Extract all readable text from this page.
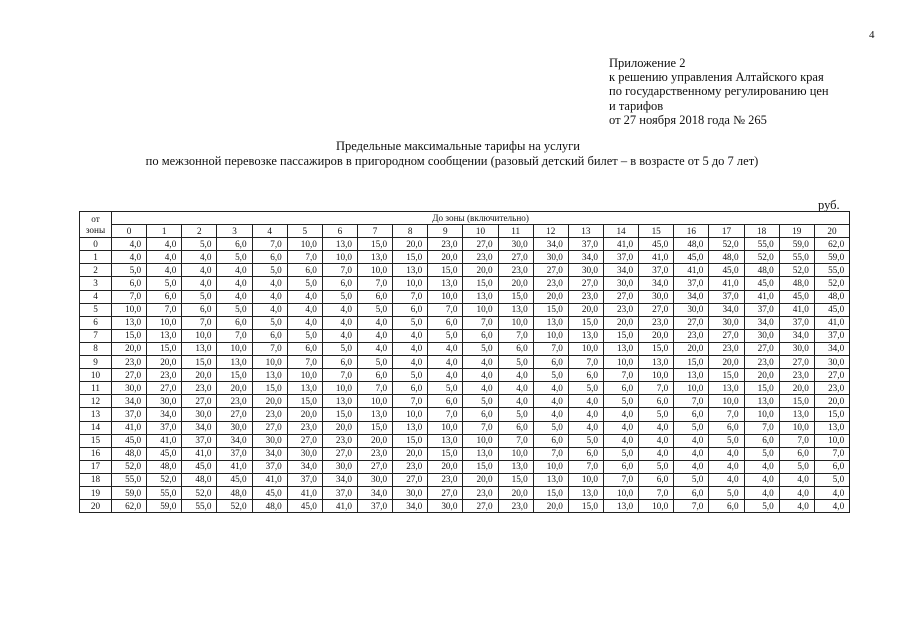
4
Приложение 2
к решению управления Алтайского края
по государственному регулированию цен
и тарифов
от 27 ноября 2018 года № 265
Предельные максимальные тарифы на услуги
по межзонной перевозке пассажиров в пригородном сообщении (разовый детский билет – в возрасте от 5 до 7 лет)
руб.
от
зоны	До зоны (включительно)																				
	0	1	2	3	4	5	6	7	8	9	10	11	12	13	14	15	16	17	18	19	20
0	4,0	4,0	5,0	6,0	7,0	10,0	13,0	15,0	20,0	23,0	27,0	30,0	34,0	37,0	41,0	45,0	48,0	52,0	55,0	59,0	62,0
1	4,0	4,0	4,0	5,0	6,0	7,0	10,0	13,0	15,0	20,0	23,0	27,0	30,0	34,0	37,0	41,0	45,0	48,0	52,0	55,0	59,0
2	5,0	4,0	4,0	4,0	5,0	6,0	7,0	10,0	13,0	15,0	20,0	23,0	27,0	30,0	34,0	37,0	41,0	45,0	48,0	52,0	55,0
3	6,0	5,0	4,0	4,0	4,0	5,0	6,0	7,0	10,0	13,0	15,0	20,0	23,0	27,0	30,0	34,0	37,0	41,0	45,0	48,0	52,0
4	7,0	6,0	5,0	4,0	4,0	4,0	5,0	6,0	7,0	10,0	13,0	15,0	20,0	23,0	27,0	30,0	34,0	37,0	41,0	45,0	48,0
5	10,0	7,0	6,0	5,0	4,0	4,0	4,0	5,0	6,0	7,0	10,0	13,0	15,0	20,0	23,0	27,0	30,0	34,0	37,0	41,0	45,0
6	13,0	10,0	7,0	6,0	5,0	4,0	4,0	4,0	5,0	6,0	7,0	10,0	13,0	15,0	20,0	23,0	27,0	30,0	34,0	37,0	41,0
7	15,0	13,0	10,0	7,0	6,0	5,0	4,0	4,0	4,0	5,0	6,0	7,0	10,0	13,0	15,0	20,0	23,0	27,0	30,0	34,0	37,0
8	20,0	15,0	13,0	10,0	7,0	6,0	5,0	4,0	4,0	4,0	5,0	6,0	7,0	10,0	13,0	15,0	20,0	23,0	27,0	30,0	34,0
9	23,0	20,0	15,0	13,0	10,0	7,0	6,0	5,0	4,0	4,0	4,0	5,0	6,0	7,0	10,0	13,0	15,0	20,0	23,0	27,0	30,0
10	27,0	23,0	20,0	15,0	13,0	10,0	7,0	6,0	5,0	4,0	4,0	4,0	5,0	6,0	7,0	10,0	13,0	15,0	20,0	23,0	27,0
11	30,0	27,0	23,0	20,0	15,0	13,0	10,0	7,0	6,0	5,0	4,0	4,0	4,0	5,0	6,0	7,0	10,0	13,0	15,0	20,0	23,0
12	34,0	30,0	27,0	23,0	20,0	15,0	13,0	10,0	7,0	6,0	5,0	4,0	4,0	4,0	5,0	6,0	7,0	10,0	13,0	15,0	20,0
13	37,0	34,0	30,0	27,0	23,0	20,0	15,0	13,0	10,0	7,0	6,0	5,0	4,0	4,0	4,0	5,0	6,0	7,0	10,0	13,0	15,0
14	41,0	37,0	34,0	30,0	27,0	23,0	20,0	15,0	13,0	10,0	7,0	6,0	5,0	4,0	4,0	4,0	5,0	6,0	7,0	10,0	13,0
15	45,0	41,0	37,0	34,0	30,0	27,0	23,0	20,0	15,0	13,0	10,0	7,0	6,0	5,0	4,0	4,0	4,0	5,0	6,0	7,0	10,0
16	48,0	45,0	41,0	37,0	34,0	30,0	27,0	23,0	20,0	15,0	13,0	10,0	7,0	6,0	5,0	4,0	4,0	4,0	5,0	6,0	7,0
17	52,0	48,0	45,0	41,0	37,0	34,0	30,0	27,0	23,0	20,0	15,0	13,0	10,0	7,0	6,0	5,0	4,0	4,0	4,0	5,0	6,0
18	55,0	52,0	48,0	45,0	41,0	37,0	34,0	30,0	27,0	23,0	20,0	15,0	13,0	10,0	7,0	6,0	5,0	4,0	4,0	4,0	5,0
19	59,0	55,0	52,0	48,0	45,0	41,0	37,0	34,0	30,0	27,0	23,0	20,0	15,0	13,0	10,0	7,0	6,0	5,0	4,0	4,0	4,0
20	62,0	59,0	55,0	52,0	48,0	45,0	41,0	37,0	34,0	30,0	27,0	23,0	20,0	15,0	13,0	10,0	7,0	6,0	5,0	4,0	4,0
